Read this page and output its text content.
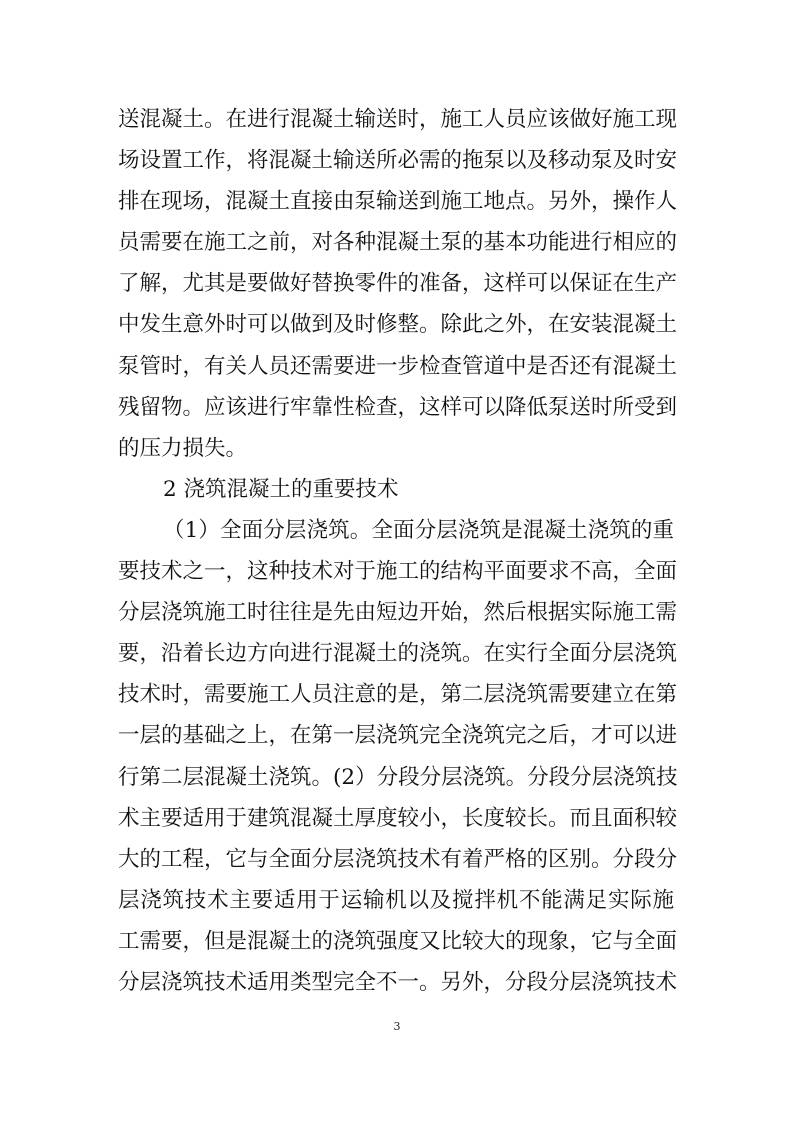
送混凝土。在进行混凝土输送时，施工人员应该做好施工现
场设置工作，将混凝土输送所必需的拖泵以及移动泵及时安
排在现场，混凝土直接由泵输送到施工地点。另外，操作人
员需要在施工之前，对各种混凝土泵的基本功能进行相应的
了解，尤其是要做好替换零件的准备，这样可以保证在生产
中发生意外时可以做到及时修整。除此之外，在安装混凝土
泵管时，有关人员还需要进一步检查管道中是否还有混凝土
残留物。应该进行牢靠性检查，这样可以降低泵送时所受到
的压力损失。
2 浇筑混凝土的重要技术
（1）全面分层浇筑。全面分层浇筑是混凝土浇筑的重
要技术之一，这种技术对于施工的结构平面要求不高，全面
分层浇筑施工时往往是先由短边开始，然后根据实际施工需
要，沿着长边方向进行混凝土的浇筑。在实行全面分层浇筑
技术时，需要施工人员注意的是，第二层浇筑需要建立在第
一层的基础之上，在第一层浇筑完全浇筑完之后，才可以进
行第二层混凝土浇筑。(2）分段分层浇筑。分段分层浇筑技
术主要适用于建筑混凝土厚度较小，长度较长。而且面积较
大的工程，它与全面分层浇筑技术有着严格的区别。分段分
层浇筑技术主要适用于运输机以及搅拌机不能满足实际施
工需要，但是混凝土的浇筑强度又比较大的现象，它与全面
分层浇筑技术适用类型完全不一。另外，分段分层浇筑技术
3
